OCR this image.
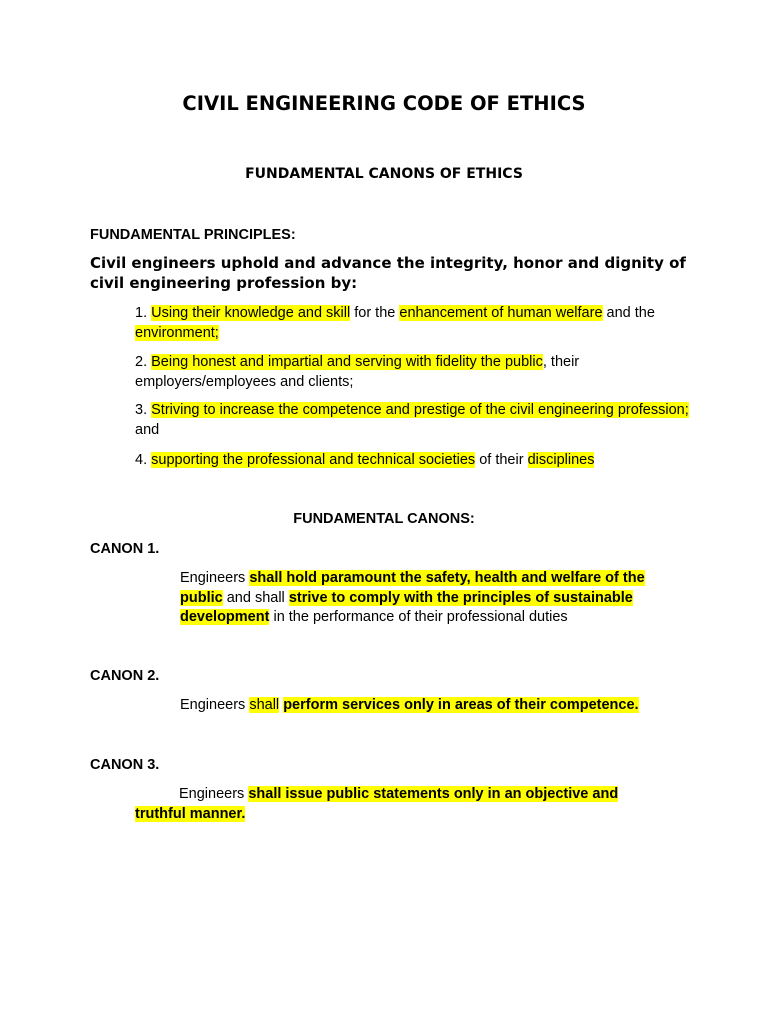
CIVIL ENGINEERING CODE OF ETHICS
FUNDAMENTAL CANONS OF ETHICS
FUNDAMENTAL PRINCIPLES:

Civil engineers uphold and advance the integrity, honor and dignity of civil engineering profession by:

1. Using their knowledge and skill for the enhancement of human welfare and the environment;

2. Being honest and impartial and serving with fidelity the public, their employers/employees and clients;

3. Striving to increase the competence and prestige of the civil engineering profession; and

4. supporting the professional and technical societies of their disciplines

FUNDAMENTAL CANONS:
CANON 1.

Engineers shall hold paramount the safety, health and welfare of the public and shall strive to comply with the principles of sustainable development in the performance of their professional duties

CANON 2.

Engineers shall perform services only in areas of their competence.

CANON 3.

Engineers shall issue public statements only in an objective and truthful manner.
